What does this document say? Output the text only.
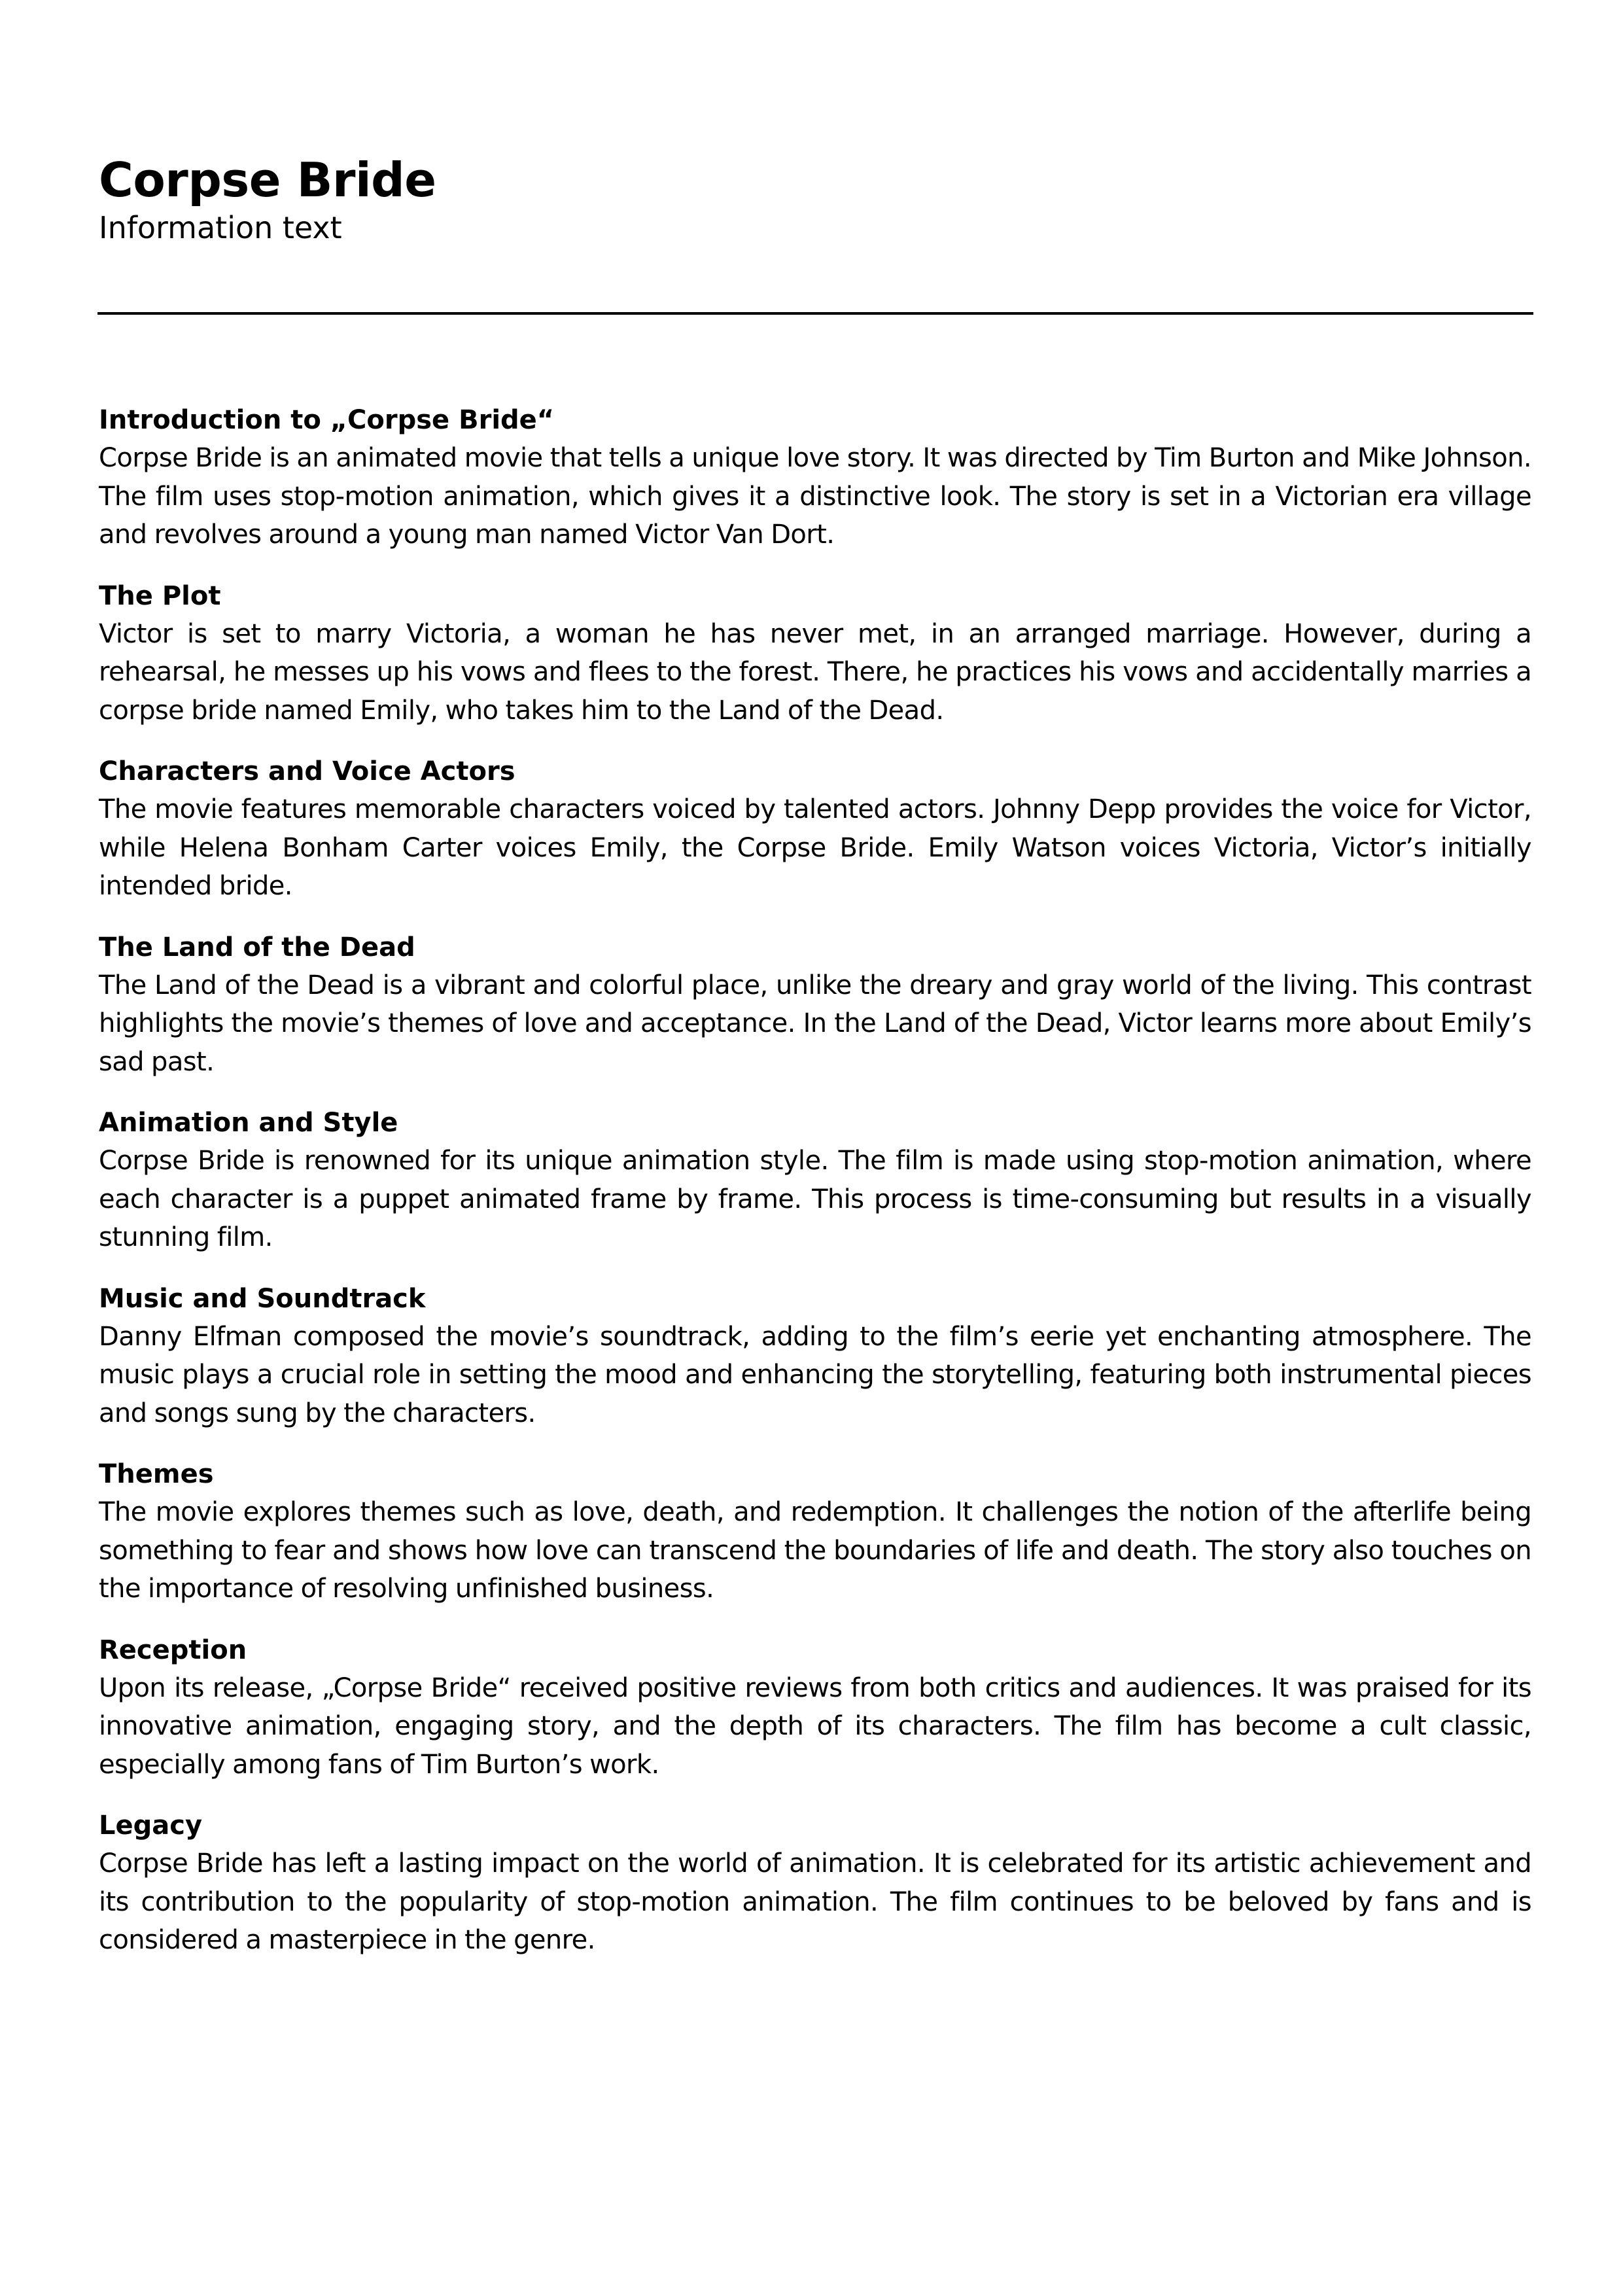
Corpse Bride

Information text

Introduction to „Corpse Bride“

Corpse Bride is an animated movie that tells a unique love story. It was directed by Tim Burton and Mike Johnson. The film uses stop-motion animation, which gives it a distinctive look. The story is set in a Victorian era village and revolves around a young man named Victor Van Dort.

The Plot

Victor is set to marry Victoria, a woman he has never met, in an arranged marriage. However, during a rehearsal, he messes up his vows and flees to the forest. There, he practices his vows and accidentally marries a corpse bride named Emily, who takes him to the Land of the Dead.

Characters and Voice Actors

The movie features memorable characters voiced by talented actors. Johnny Depp provides the voice for Victor, while Helena Bonham Carter voices Emily, the Corpse Bride. Emily Watson voices Victoria, Victor’s initially intended bride.

The Land of the Dead

The Land of the Dead is a vibrant and colorful place, unlike the dreary and gray world of the living. This contrast highlights the movie’s themes of love and acceptance. In the Land of the Dead, Victor learns more about Emily’s sad past.

Animation and Style

Corpse Bride is renowned for its unique animation style. The film is made using stop-motion animation, where each character is a puppet animated frame by frame. This process is time-consuming but results in a visually stunning film.

Music and Soundtrack

Danny Elfman composed the movie’s soundtrack, adding to the film’s eerie yet enchanting atmosphere. The music plays a crucial role in setting the mood and enhancing the storytelling, featuring both instrumental pieces and songs sung by the characters.

Themes

The movie explores themes such as love, death, and redemption. It challenges the notion of the afterlife being something to fear and shows how love can transcend the boundaries of life and death. The story also touches on the importance of resolving unfinished business.

Reception

Upon its release, „Corpse Bride“ received positive reviews from both critics and audiences. It was praised for its innovative animation, engaging story, and the depth of its characters. The film has become a cult classic, especially among fans of Tim Burton’s work.

Legacy

Corpse Bride has left a lasting impact on the world of animation. It is celebrated for its artistic achievement and its contribution to the popularity of stop-motion animation. The film continues to be beloved by fans and is considered a masterpiece in the genre.
